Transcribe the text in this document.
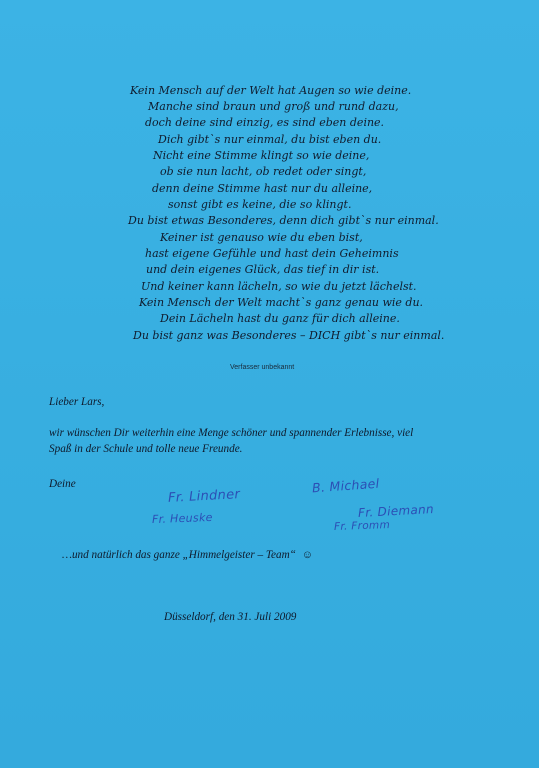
Kein Mensch auf der Welt hat Augen so wie deine.
Manche sind braun und groß und rund dazu,
doch deine sind einzig, es sind eben deine.
Dich gibt`s nur einmal, du bist eben du.
Nicht eine Stimme klingt so wie deine,
ob sie nun lacht, ob redet oder singt,
denn deine Stimme hast nur du alleine,
sonst gibt es keine, die so klingt.
Du bist etwas Besonderes, denn dich gibt`s nur einmal.
Keiner ist genauso wie du eben bist,
hast eigene Gefühle und hast dein Geheimnis
und dein eigenes Glück, das tief in dir ist.
Und keiner kann lächeln, so wie du jetzt lächelst.
Kein Mensch der Welt macht`s ganz genau wie du.
Dein Lächeln hast du ganz für dich alleine.
Du bist ganz was Besonderes – DICH gibt`s nur einmal.
Verfasser unbekannt
Lieber Lars,
wir wünschen Dir weiterhin eine Menge schöner und spannender Erlebnisse, viel
Spaß in der Schule und tolle neue Freunde.
Deine
Fr. Lindner
B. Michael
Fr. Heuske	Fr. Diemann
Fr. Fromm
…und natürlich das ganze „Himmelgeister – Team“ ☺
Düsseldorf, den 31. Juli 2009
